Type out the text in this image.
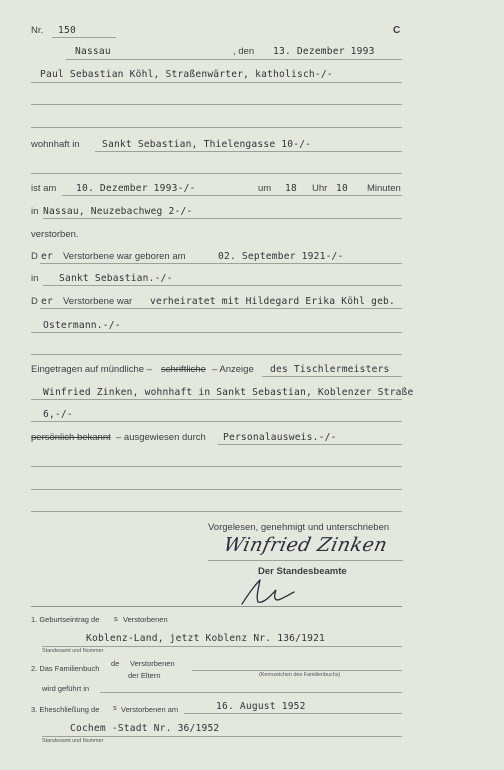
Nr. 150	C
Nassau	, den 13. Dezember 1993
Paul Sebastian Köhl, Straßenwärter, katholisch-/-
wohnhaft in Sankt Sebastian, Thielengasse 10-/-
ist am 10. Dezember 1993-/-	um 18 Uhr 10 Minuten
in Nassau, Neuzebachweg 2-/-
verstorben.
D er Verstorbene war geboren am	02. September 1921-/-
in Sankt Sebastian.-/-
D er Verstorbene war verheiratet mit Hildegard Erika Köhl geb.
Ostermann.-/-
Eingetragen auf mündliche – schriftliche – Anzeige des Tischlermeisters
Winfried Zinken, wohnhaft in Sankt Sebastian, Koblenzer Straße
6,-/-
persönlich bekannt – ausgewiesen durch Personalausweis.-/-
Vorgelesen, genehmigt und unterschrieben
Winfried Zinken
Der Standesbeamte
1. Geburtseintrag de s Verstorbenen
Koblenz-Land, jetzt Koblenz Nr. 136/1921
Standesamt und Nummer
2. Das Familienbuch
de Verstorbenen
der Eltern	(Kennzeichen des Familienbuchs)
wird geführt in
3. Eheschließung de s Verstorbenen am	16. August 1952
Cochem -Stadt Nr. 36/1952
Standesamt und Nummer
